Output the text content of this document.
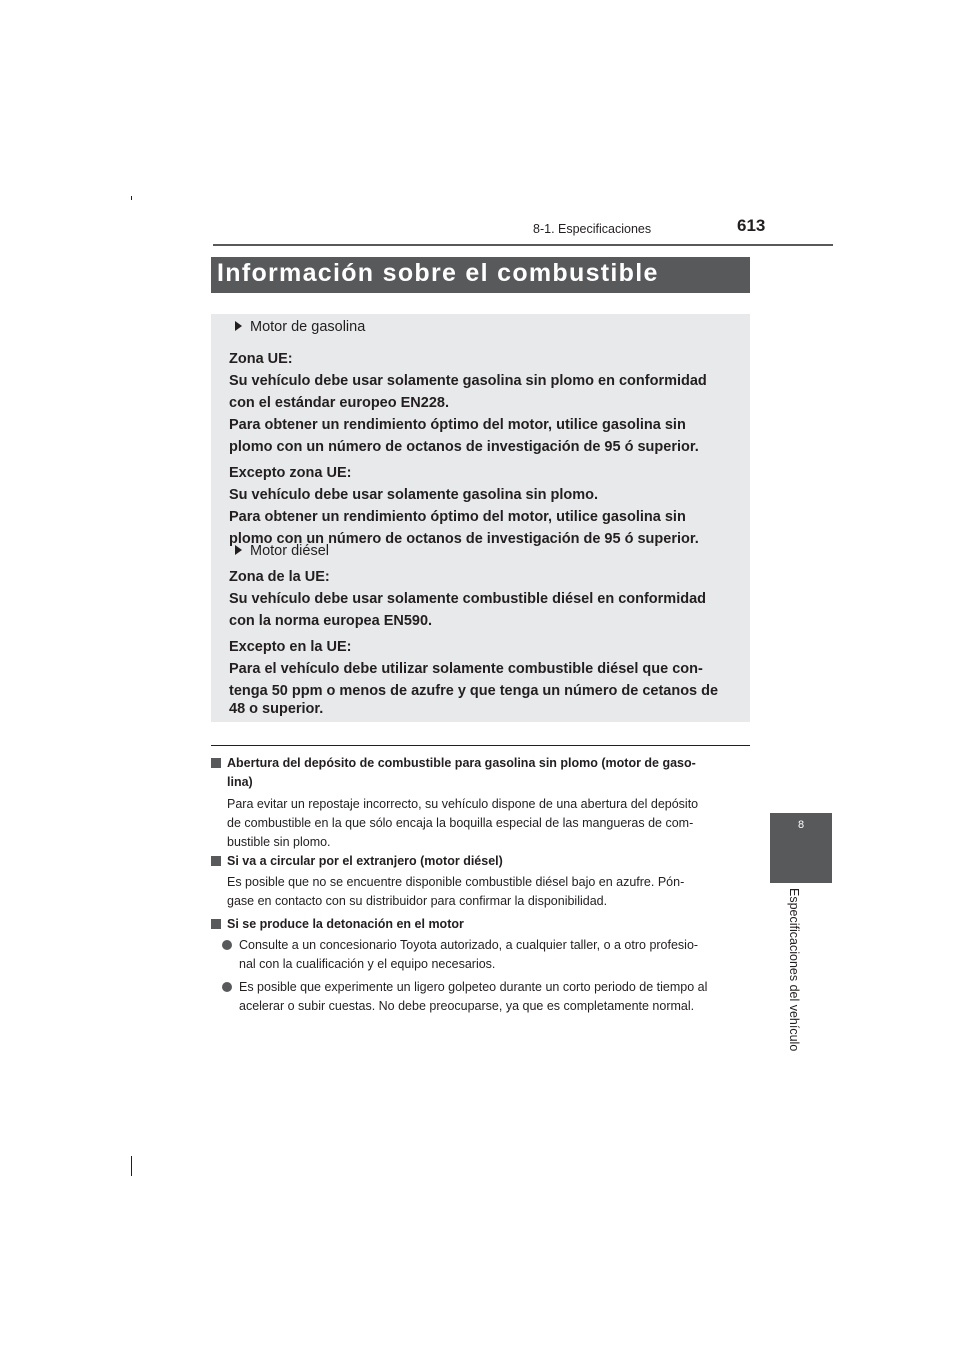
8-1. Especificaciones	613
8
Especificaciones del vehículo
Información sobre el combustible

Motor de gasolina

Zona UE:

Su vehículo debe usar solamente gasolina sin plomo en conformidad

con el estándar europeo EN228.

Para obtener un rendimiento óptimo del motor, utilice gasolina sin

plomo con un número de octanos de investigación de 95 ó superior.

Excepto zona UE:

Su vehículo debe usar solamente gasolina sin plomo.

Para obtener un rendimiento óptimo del motor, utilice gasolina sin

plomo con un número de octanos de investigación de 95 ó superior.

Motor diésel

Zona de la UE:

Su vehículo debe usar solamente combustible diésel en conformidad

con la norma europea EN590.

Excepto en la UE:

Para el vehículo debe utilizar solamente combustible diésel que con-

tenga 50 ppm o menos de azufre y que tenga un número de cetanos de

48 o superior.

Abertura del depósito de combustible para gasolina sin plomo (motor de gaso-
lina)
Para evitar un repostaje incorrecto, su vehículo dispone de una abertura del depósito
de combustible en la que sólo encaja la boquilla especial de las mangueras de com-
bustible sin plomo.
Si va a circular por el extranjero (motor diésel)
Es posible que no se encuentre disponible combustible diésel bajo en azufre. Pón-
gase en contacto con su distribuidor para confirmar la disponibilidad.
Si se produce la detonación en el motor
Consulte a un concesionario Toyota autorizado, a cualquier taller, o a otro profesio-
nal con la cualificación y el equipo necesarios.
Es posible que experimente un ligero golpeteo durante un corto periodo de tiempo al
acelerar o subir cuestas. No debe preocuparse, ya que es completamente normal.
